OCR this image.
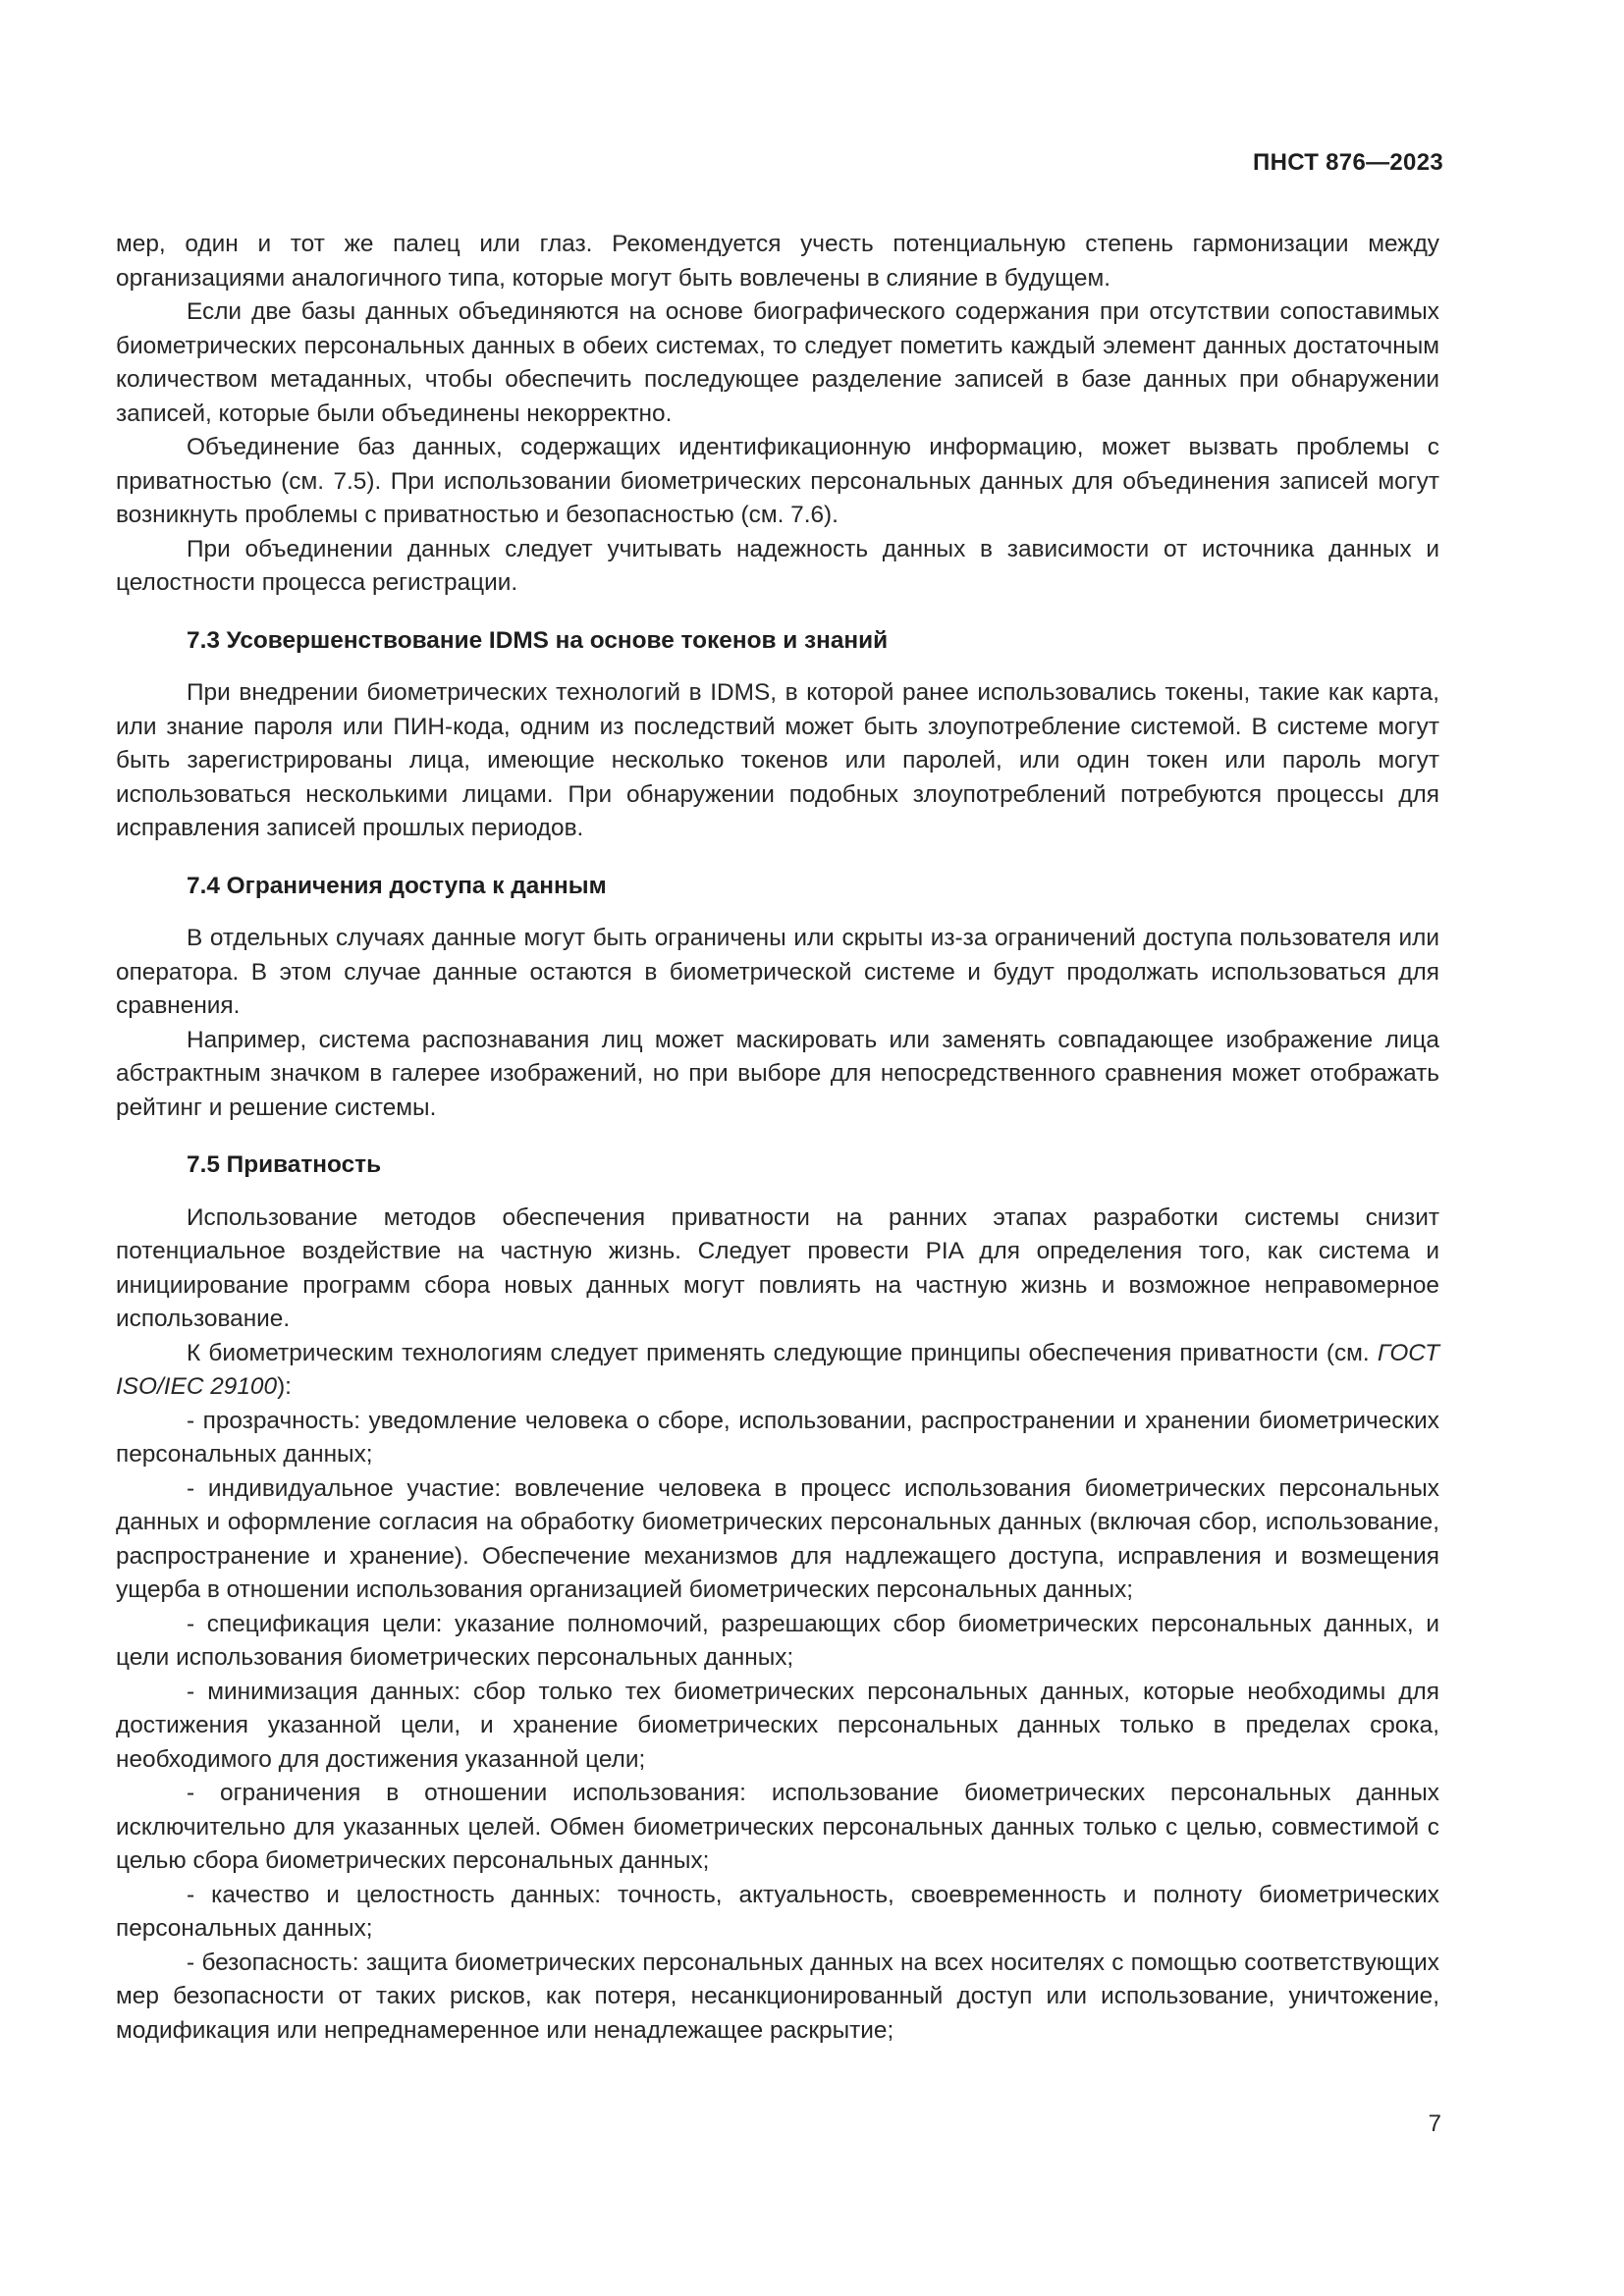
ПНСТ 876—2023

мер, один и тот же палец или глаз. Рекомендуется учесть потенциальную степень гармонизации между организациями аналогичного типа, которые могут быть вовлечены в слияние в будущем.

Если две базы данных объединяются на основе биографического содержания при отсутствии сопоставимых биометрических персональных данных в обеих системах, то следует пометить каждый элемент данных достаточным количеством метаданных, чтобы обеспечить последующее разделение записей в базе данных при обнаружении записей, которые были объединены некорректно.

Объединение баз данных, содержащих идентификационную информацию, может вызвать проблемы с приватностью (см. 7.5). При использовании биометрических персональных данных для объединения записей могут возникнуть проблемы с приватностью и безопасностью (см. 7.6).

При объединении данных следует учитывать надежность данных в зависимости от источника данных и целостности процесса регистрации.

7.3 Усовершенствование IDMS на основе токенов и знаний

При внедрении биометрических технологий в IDMS, в которой ранее использовались токены, такие как карта, или знание пароля или ПИН-кода, одним из последствий может быть злоупотребление системой. В системе могут быть зарегистрированы лица, имеющие несколько токенов или паролей, или один токен или пароль могут использоваться несколькими лицами. При обнаружении подобных злоупотреблений потребуются процессы для исправления записей прошлых периодов.

7.4 Ограничения доступа к данным

В отдельных случаях данные могут быть ограничены или скрыты из-за ограничений доступа пользователя или оператора. В этом случае данные остаются в биометрической системе и будут продолжать использоваться для сравнения.

Например, система распознавания лиц может маскировать или заменять совпадающее изображение лица абстрактным значком в галерее изображений, но при выборе для непосредственного сравнения может отображать рейтинг и решение системы.

7.5 Приватность

Использование методов обеспечения приватности на ранних этапах разработки системы снизит потенциальное воздействие на частную жизнь. Следует провести PIA для определения того, как система и инициирование программ сбора новых данных могут повлиять на частную жизнь и возможное неправомерное использование.

К биометрическим технологиям следует применять следующие принципы обеспечения приватности (см. ГОСТ ISO/IEC 29100):

- прозрачность: уведомление человека о сборе, использовании, распространении и хранении биометрических персональных данных;

- индивидуальное участие: вовлечение человека в процесс использования биометрических персональных данных и оформление согласия на обработку биометрических персональных данных (включая сбор, использование, распространение и хранение). Обеспечение механизмов для надлежащего доступа, исправления и возмещения ущерба в отношении использования организацией биометрических персональных данных;

- спецификация цели: указание полномочий, разрешающих сбор биометрических персональных данных, и цели использования биометрических персональных данных;

- минимизация данных: сбор только тех биометрических персональных данных, которые необходимы для достижения указанной цели, и хранение биометрических персональных данных только в пределах срока, необходимого для достижения указанной цели;

- ограничения в отношении использования: использование биометрических персональных данных исключительно для указанных целей. Обмен биометрических персональных данных только с целью, совместимой с целью сбора биометрических персональных данных;

- качество и целостность данных: точность, актуальность, своевременность и полноту биометрических персональных данных;

- безопасность: защита биометрических персональных данных на всех носителях с помощью соответствующих мер безопасности от таких рисков, как потеря, несанкционированный доступ или использование, уничтожение, модификация или непреднамеренное или ненадлежащее раскрытие;

7
